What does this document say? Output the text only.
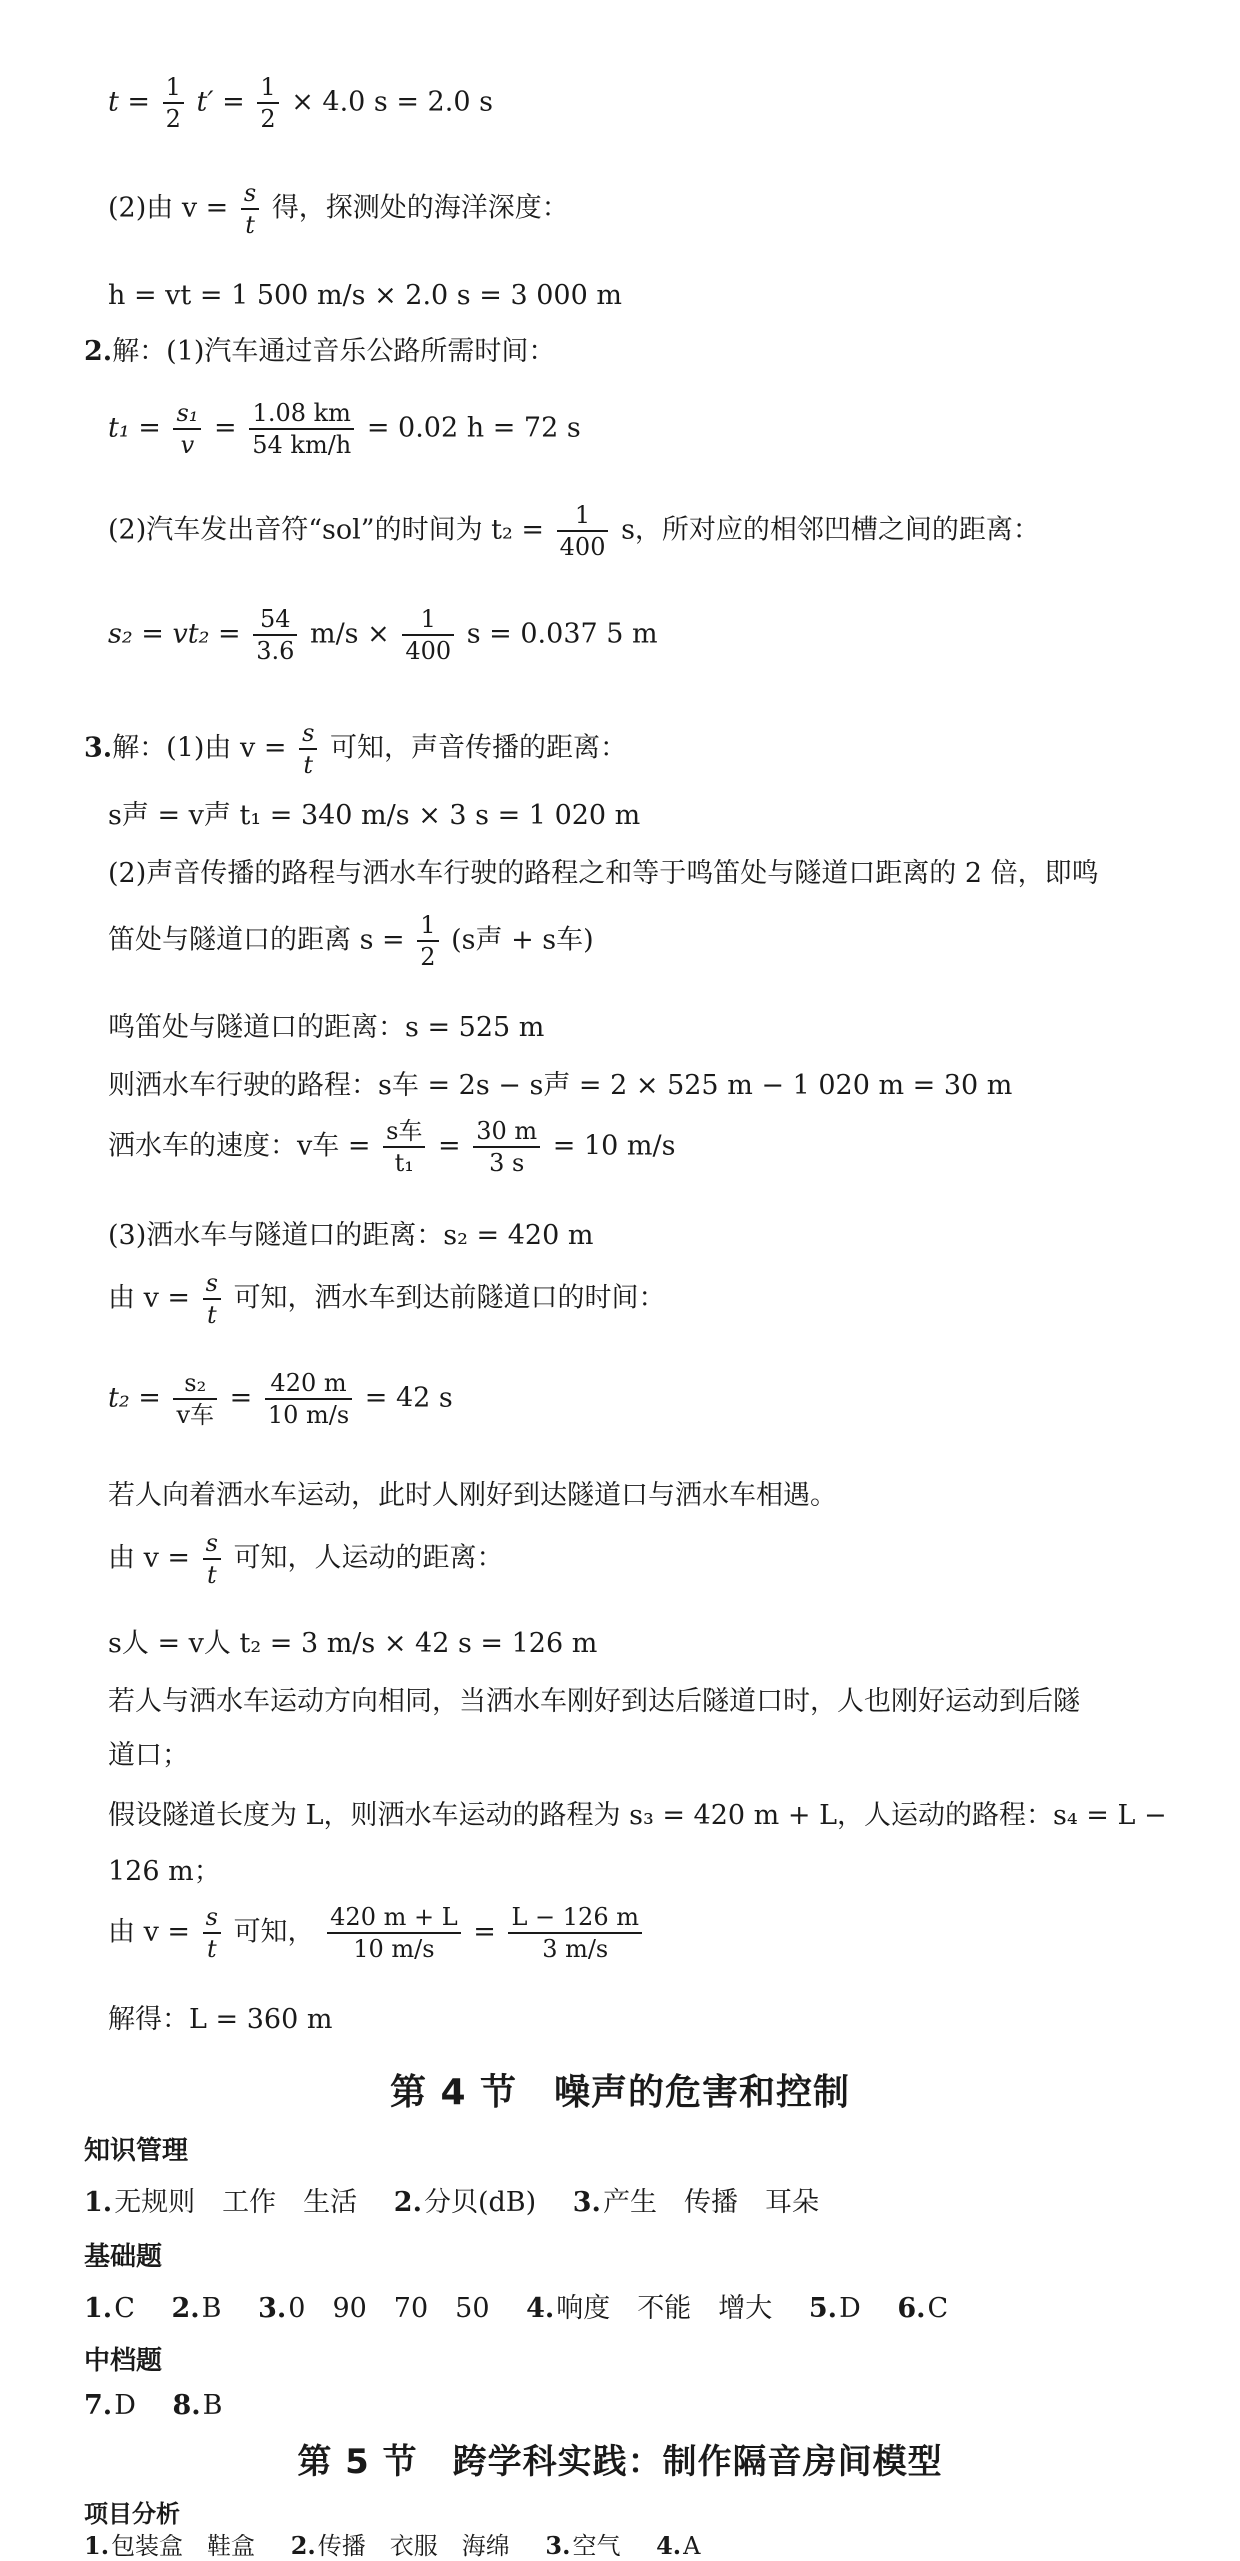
$t = \frac{1}{2} t' = \frac{1}{2} \times 4.0$ s = 2.0 s
(2)由 $v = \frac{s}{t}$ 得，探测处的海洋深度：
h = vt = 1 500 m/s × 2.0 s = 3 000 m
2.解：(1)汽车通过音乐公路所需时间：
$t_1 = \frac{\text{s₁}}{v} = \frac{1.08 km}{54 km/h} = 0.02$ h = 72 s
(2)汽车发出音符“sol”的时间为 $t_2 = \frac{1}{400}$ s，所对应的相邻凹槽之间的距离：
$s_2 = vt_2 = \frac{54}{3.6} m/s \times \frac{1}{400}$ s = 0.037 5 m
3.解：(1)由 $v = \frac{s}{t}$ 可知，声音传播的距离：
s声 = v声 t₁ = 340 m/s × 3 s = 1 020 m
(2)声音传播的路程与洒水车行驶的路程之和等于鸣笛处与隧道口距离的 2 倍，即鸣
笛处与隧道口的距离 $s = \frac{1}{2} (s$声 + s车)
鸣笛处与隧道口的距离：s = 525 m
则洒水车行驶的路程：s车 = 2s − s声 = 2 × 525 m − 1 020 m = 30 m
洒水车的速度：v车 = $\frac{\text{s车}}{\text{t₁}} = \frac{30 m}{3 s} = 10$ m/s
(3)洒水车与隧道口的距离：s₂ = 420 m
由 $v = \frac{s}{t}$ 可知，洒水车到达前隧道口的时间：
$t_2 = \frac{\text{s₂}}{\text{v车}} = \frac{420 m}{10 m/s} = 42$ s
若人向着洒水车运动，此时人刚好到达隧道口与洒水车相遇。
由 $v = \frac{s}{t}$ 可知，人运动的距离：
s人 = v人 t₂ = 3 m/s × 42 s = 126 m
若人与洒水车运动方向相同，当洒水车刚好到达后隧道口时，人也刚好运动到后隧
道口；
假设隧道长度为 L，则洒水车运动的路程为 s₃ = 420 m + L，人运动的路程：s₄ = L −
126 m；
由 $v = \frac{s}{t}$ 可知， $\frac{420 m + L}{10 m/s} = \frac{L - 126 m}{3 m/s}$
解得：L = 360 m
第 4 节　噪声的危害和控制
知识管理
1.无规则　工作　生活 2.分贝(dB) 3.产生　传播　耳朵
基础题
1.C 2.B 3.0　90　70　50 4.响度　不能　增大 5.D 6.C
中档题
7.D 8.B
第 5 节　跨学科实践：制作隔音房间模型
项目分析
1.包装盒　鞋盒 2.传播　衣服　海绵 3.空气 4.A
